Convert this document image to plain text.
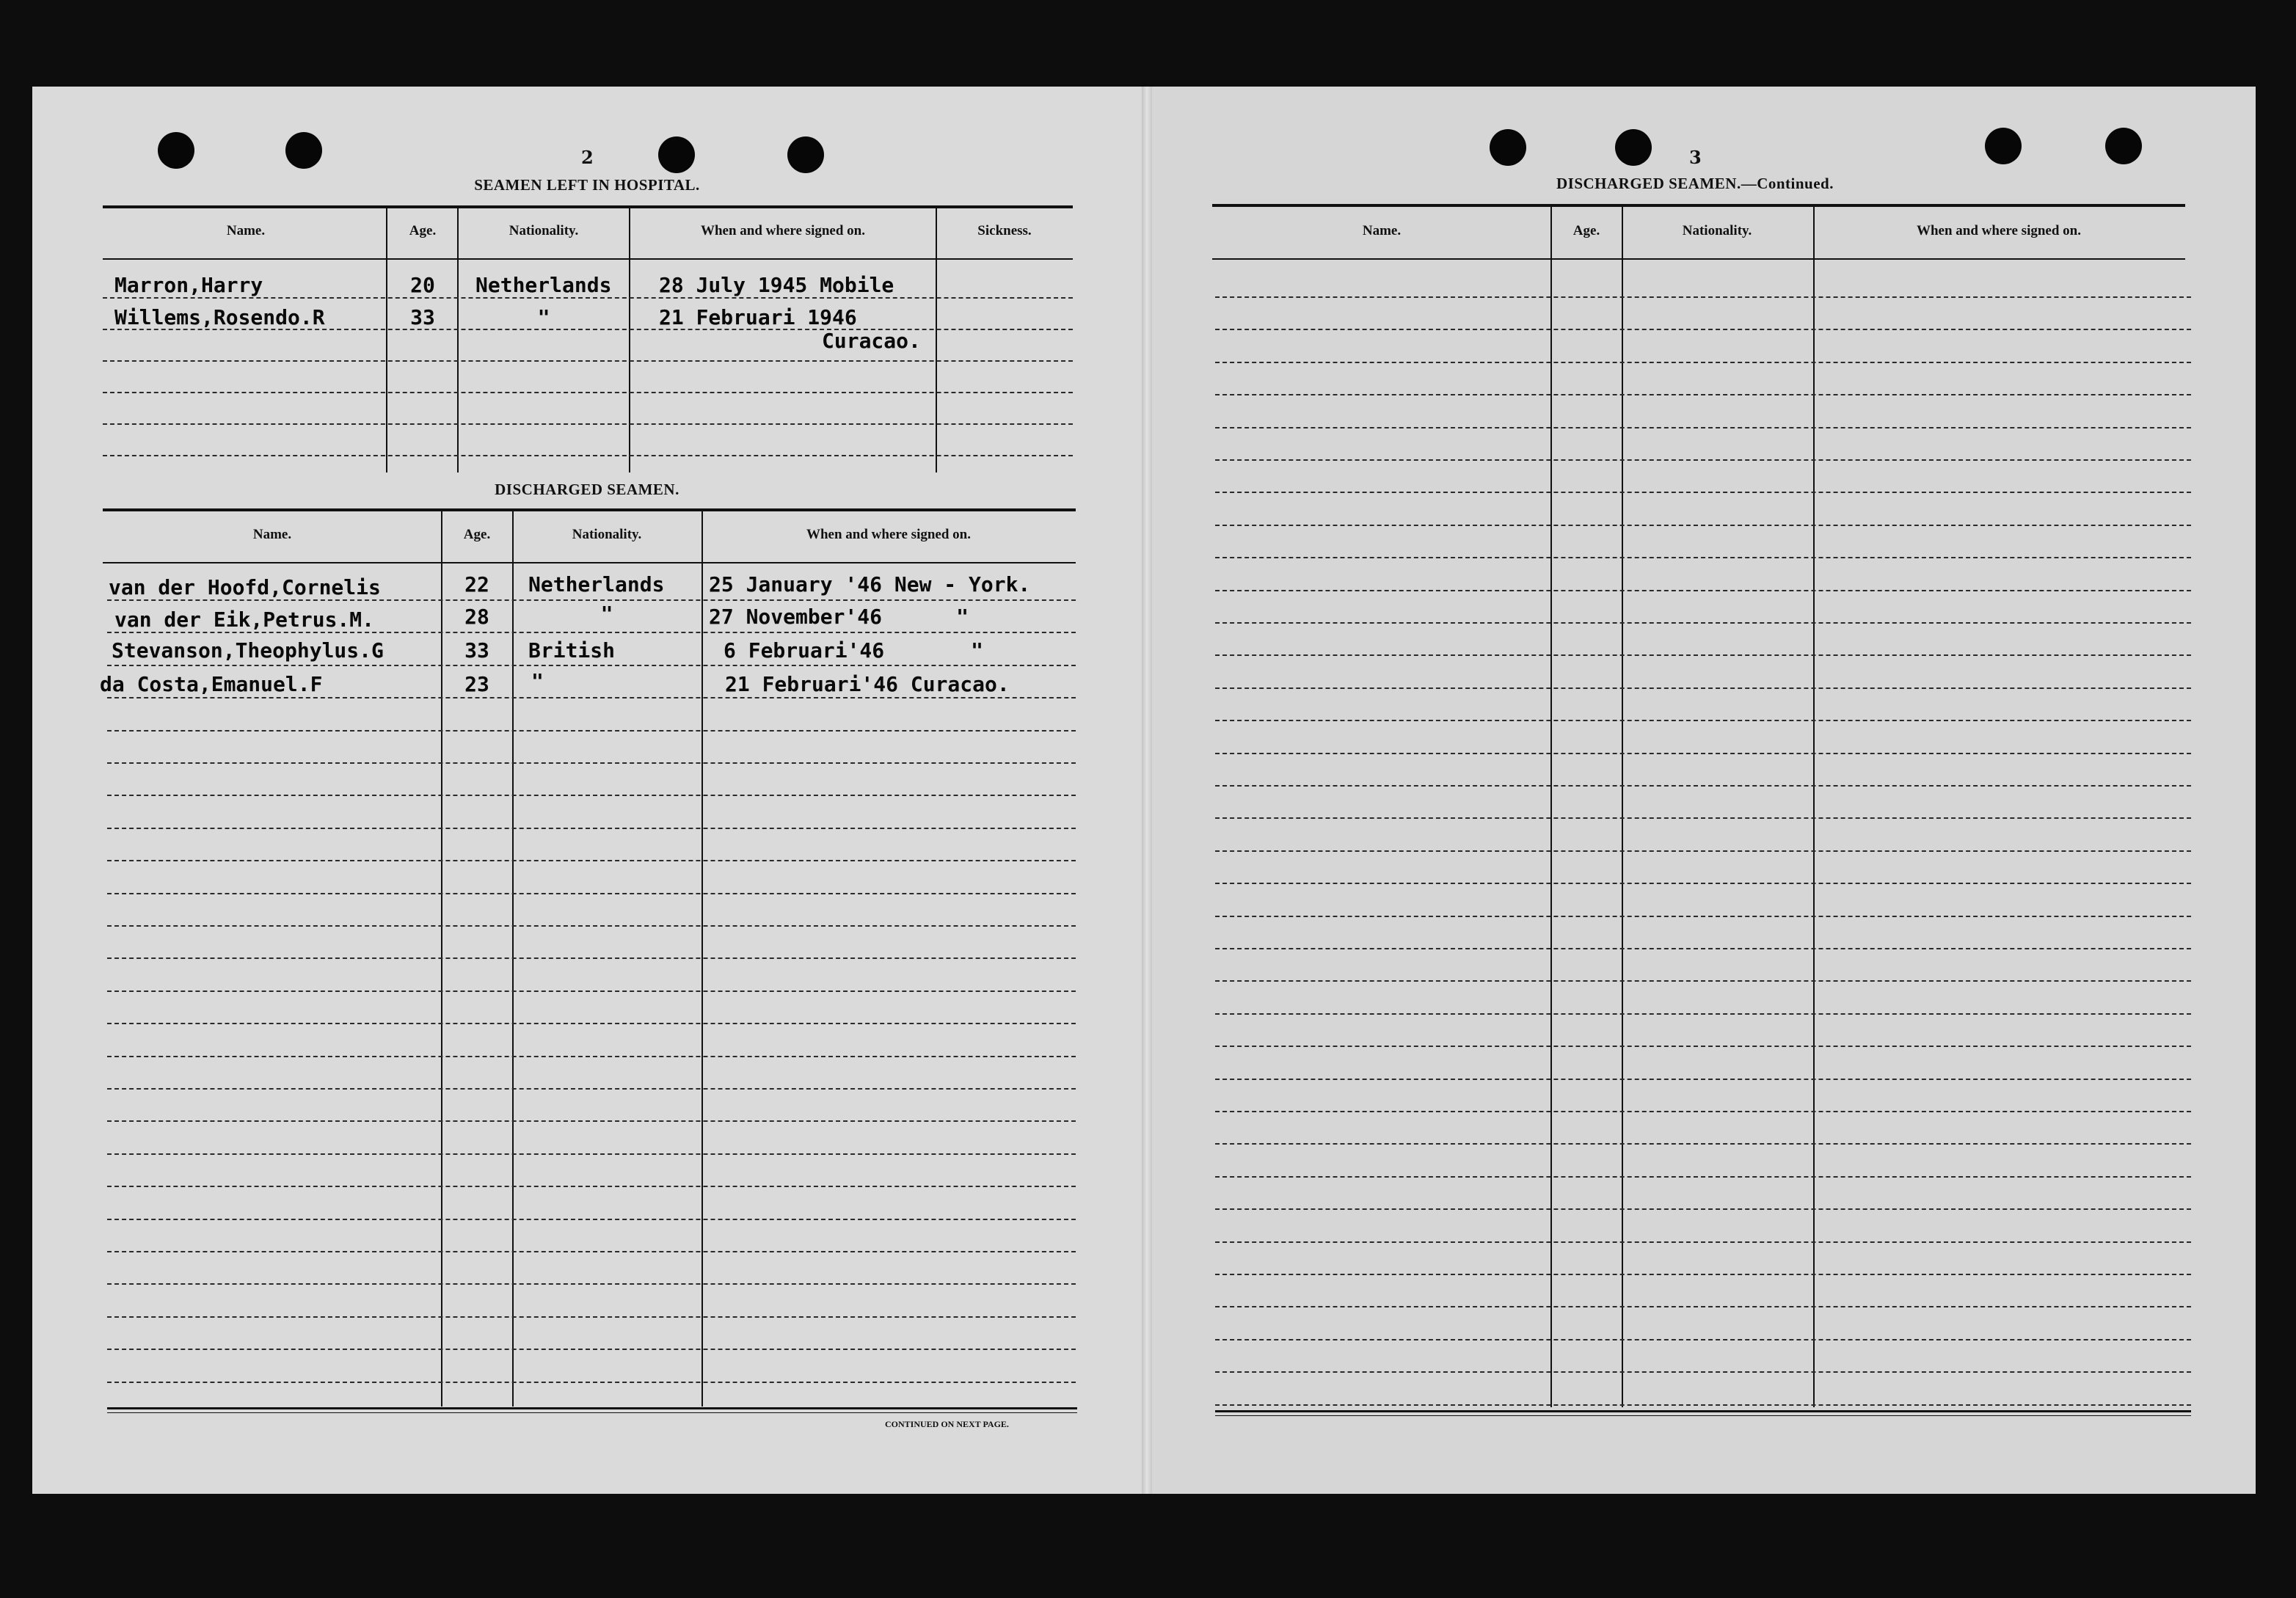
2
SEAMEN LEFT IN HOSPITAL.
Name.	Age.	Nationality.	When and where signed on.	Sickness.
Marron,Harry	20	Netherlands 28 July 1945 Mobile
Willems,Rosendo.R	33	"	21 Februari 1946
Curacao.
DISCHARGED SEAMEN.
Name.	Age.	Nationality.	When and where signed on.
van der Hoofd,Cornelis	22	Netherlands 25 January '46 New - York.
van der Eik,Petrus.M.	28	"	27 November'46      "
Stevanson,Theophylus.G	33	British	6 Februari'46       "
da Costa,Emanuel.F	23	"	21 Februari'46 Curacao.
CONTINUED ON NEXT PAGE.
3
DISCHARGED SEAMEN.—Continued.
Name.	Age.	Nationality.	When and where signed on.
